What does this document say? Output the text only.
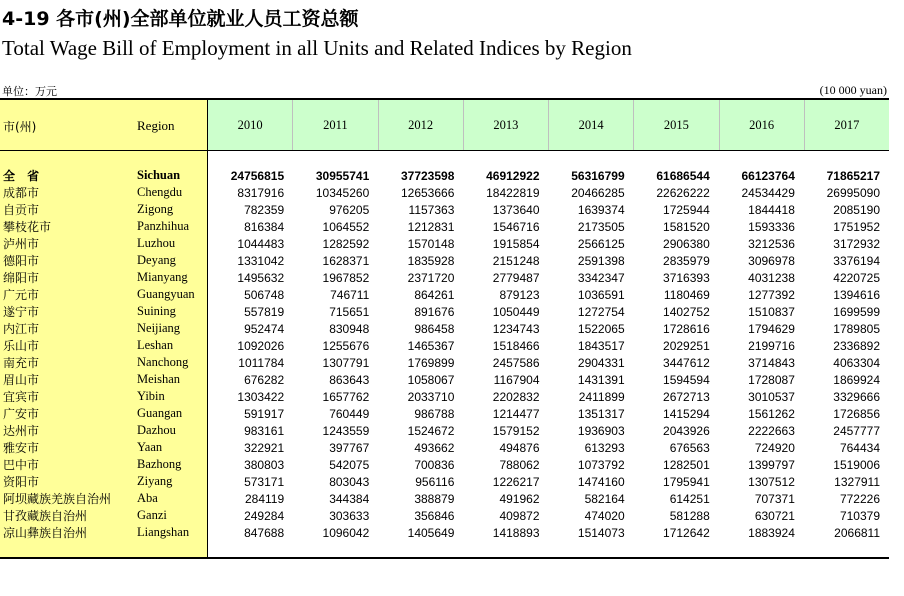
4-19 各市(州)全部单位就业人员工资总额
Total Wage Bill of Employment in all Units and Related Indices by Region
单位：万元	(10 000 yuan)
市(州)	Region	2010	2011	2012	2013	2014	2015	2016	2017
全 省	Sichuan	24756815	30955741	37723598	46912922	56316799	61686544	66123764	71865217
成都市	Chengdu	8317916	10345260	12653666	18422819	20466285	22626222	24534429	26995090
自贡市	Zigong	782359	976205	1157363	1373640	1639374	1725944	1844418	2085190
攀枝花市	Panzhihua	816384	1064552	1212831	1546716	2173505	1581520	1593336	1751952
泸州市	Luzhou	1044483	1282592	1570148	1915854	2566125	2906380	3212536	3172932
德阳市	Deyang	1331042	1628371	1835928	2151248	2591398	2835979	3096978	3376194
绵阳市	Mianyang	1495632	1967852	2371720	2779487	3342347	3716393	4031238	4220725
广元市	Guangyuan	506748	746711	864261	879123	1036591	1180469	1277392	1394616
遂宁市	Suining	557819	715651	891676	1050449	1272754	1402752	1510837	1699599
内江市	Neijiang	952474	830948	986458	1234743	1522065	1728616	1794629	1789805
乐山市	Leshan	1092026	1255676	1465367	1518466	1843517	2029251	2199716	2336892
南充市	Nanchong	1011784	1307791	1769899	2457586	2904331	3447612	3714843	4063304
眉山市	Meishan	676282	863643	1058067	1167904	1431391	1594594	1728087	1869924
宜宾市	Yibin	1303422	1657762	2033710	2202832	2411899	2672713	3010537	3329666
广安市	Guangan	591917	760449	986788	1214477	1351317	1415294	1561262	1726856
达州市	Dazhou	983161	1243559	1524672	1579152	1936903	2043926	2222663	2457777
雅安市	Yaan	322921	397767	493662	494876	613293	676563	724920	764434
巴中市	Bazhong	380803	542075	700836	788062	1073792	1282501	1399797	1519006
资阳市	Ziyang	573171	803043	956116	1226217	1474160	1795941	1307512	1327911
阿坝藏族羌族自治州	Aba	284119	344384	388879	491962	582164	614251	707371	772226
甘孜藏族自治州	Ganzi	249284	303633	356846	409872	474020	581288	630721	710379
凉山彝族自治州	Liangshan	847688	1096042	1405649	1418893	1514073	1712642	1883924	2066811
